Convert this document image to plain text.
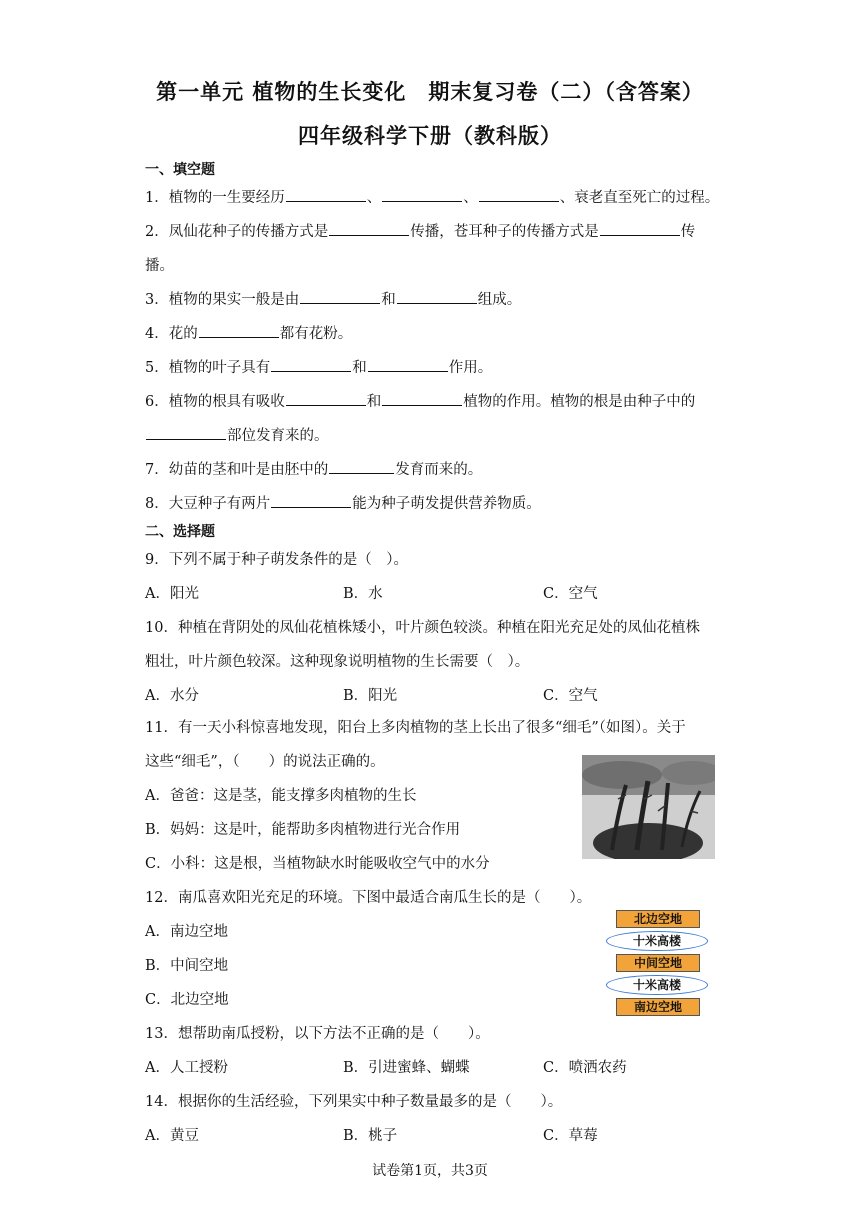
第一单元 植物的生长变化　期末复习卷（二）（含答案）
四年级科学下册（教科版）
一、填空题
1．植物的一生要经历	、	、	、衰老直至死亡的过程。
2．凤仙花种子的传播方式是	传播，苍耳种子的传播方式是	传
播。
3．植物的果实一般是由	和	组成。
4．花的	都有花粉。
5．植物的叶子具有	和	作用。
6．植物的根具有吸收	和	植物的作用。植物的根是由种子中的
部位发育来的。
7．幼苗的茎和叶是由胚中的	发育而来的。
8．大豆种子有两片	能为种子萌发提供营养物质。
二、选择题
9．下列不属于种子萌发条件的是（　）。
A．阳光	B．水	C．空气
10．种植在背阴处的凤仙花植株矮小，叶片颜色较淡。种植在阳光充足处的凤仙花植株
粗壮，叶片颜色较深。这种现象说明植物的生长需要（　）。
A．水分	B．阳光	C．空气
11．有一天小科惊喜地发现，阳台上多肉植物的茎上长出了很多“细毛”（如图）。关于
这些“细毛”，（　　）的说法正确的。
A．爸爸：这是茎，能支撑多肉植物的生长
B．妈妈：这是叶，能帮助多肉植物进行光合作用
C．小科：这是根，当植物缺水时能吸收空气中的水分
12．南瓜喜欢阳光充足的环境。下图中最适合南瓜生长的是（　　）。
A．南边空地
B．中间空地
C．北边空地
北边空地
十米高楼
中间空地
十米高楼
南边空地
13．想帮助南瓜授粉，以下方法不正确的是（　　）。
A．人工授粉	B．引进蜜蜂、蝴蝶	C．喷洒农药
14．根据你的生活经验，下列果实中种子数量最多的是（　　）。
A．黄豆	B．桃子	C．草莓
试卷第1页，共3页
